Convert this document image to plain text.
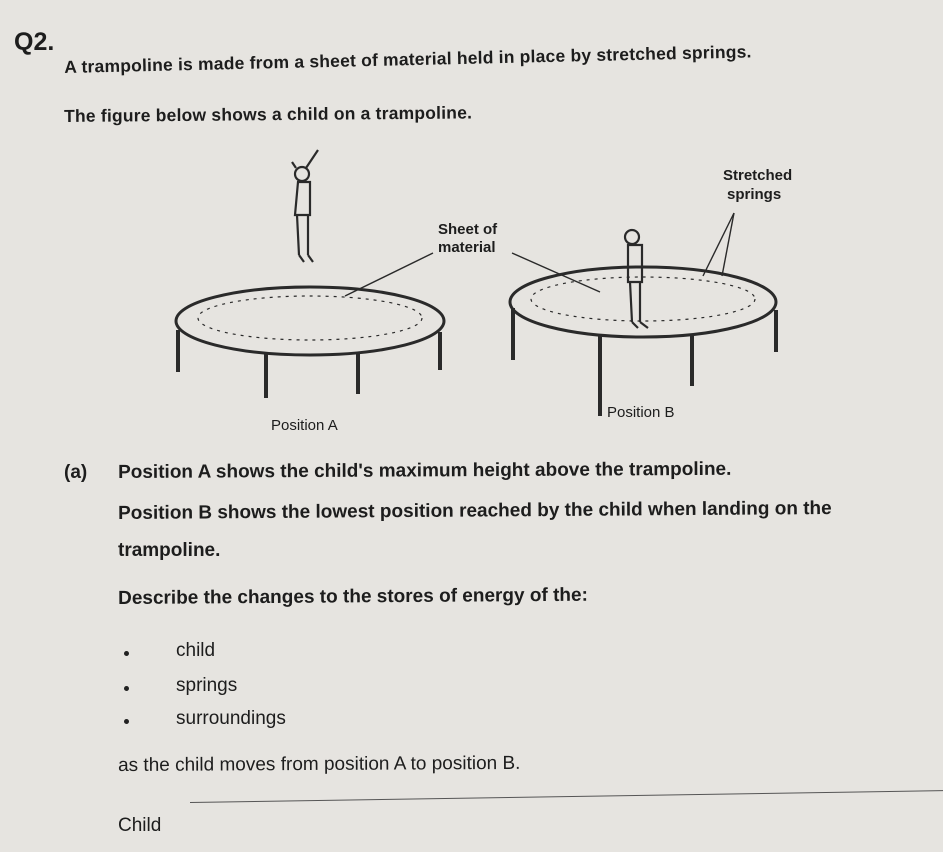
Q2. A trampoline is made from a sheet of material held in place by stretched springs.
The figure below shows a child on a trampoline.
Sheet of
material
Stretched
springs
Position A
Position B
(a) Position A shows the child's maximum height above the trampoline.
Position B shows the lowest position reached by the child when landing on the
trampoline.
Describe the changes to the stores of energy of the:
child
springs
surroundings
as the child moves from position A to position B.
Child
